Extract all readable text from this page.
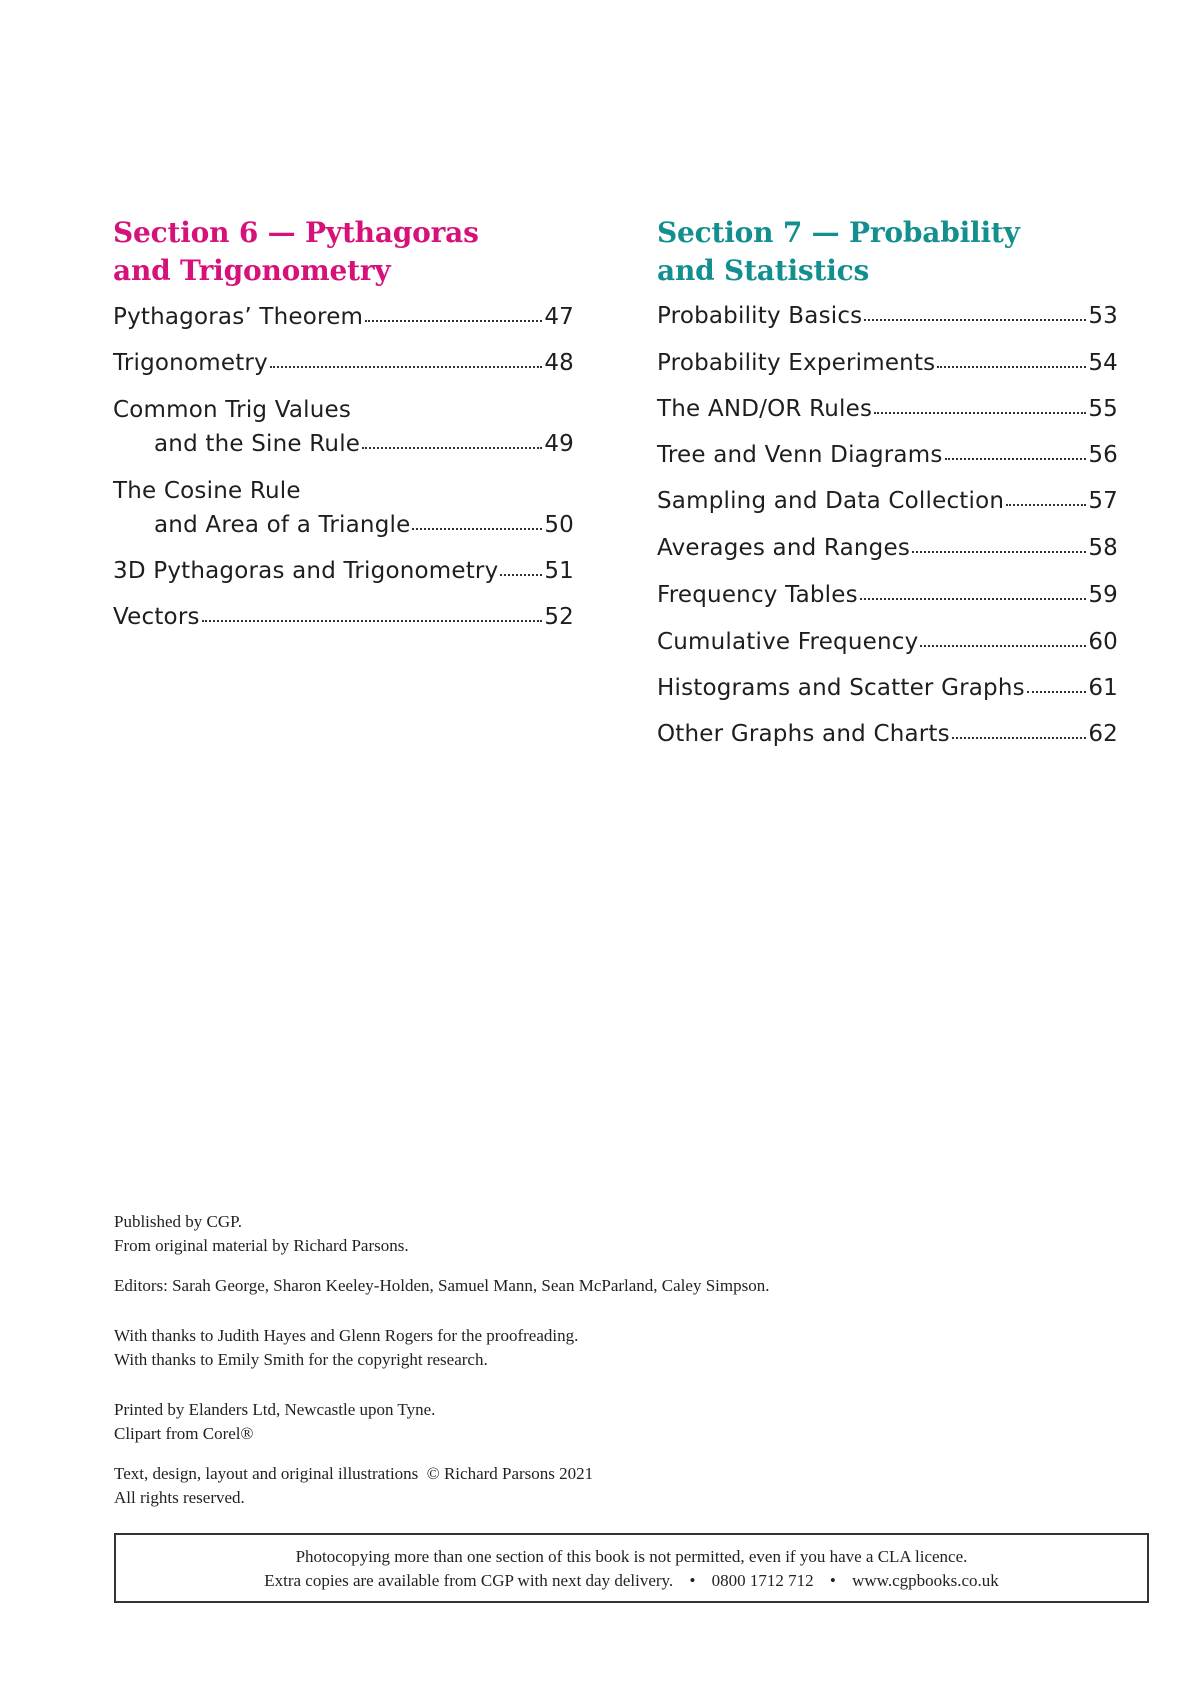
Section 6 — Pythagoras
and Trigonometry
Pythagoras’ Theorem	47
Trigonometry	48
Common Trig Values
and the Sine Rule	49
The Cosine Rule
and Area of a Triangle	50
3D Pythagoras and Trigonometry 51
Vectors	52
Section 7 — Probability
and Statistics
Probability Basics	53
Probability Experiments	54
The AND/OR Rules	55
Tree and Venn Diagrams	56
Sampling and Data Collection	57
Averages and Ranges	58
Frequency Tables	59
Cumulative Frequency	60
Histograms and Scatter Graphs	61
Other Graphs and Charts	62

Published by CGP.

From original material by Richard Parsons.

Editors: Sarah George, Sharon Keeley-Holden, Samuel Mann, Sean McParland, Caley Simpson.

With thanks to Judith Hayes and Glenn Rogers for the proofreading.

With thanks to Emily Smith for the copyright research.

Printed by Elanders Ltd, Newcastle upon Tyne.

Clipart from Corel®

Text, design, layout and original illustrations  © Richard Parsons 2021

All rights reserved.

Photocopying more than one section of this book is not permitted, even if you have a CLA licence.

Extra copies are available from CGP with next day delivery. • 0800 1712 712 • www.cgpbooks.co.uk
